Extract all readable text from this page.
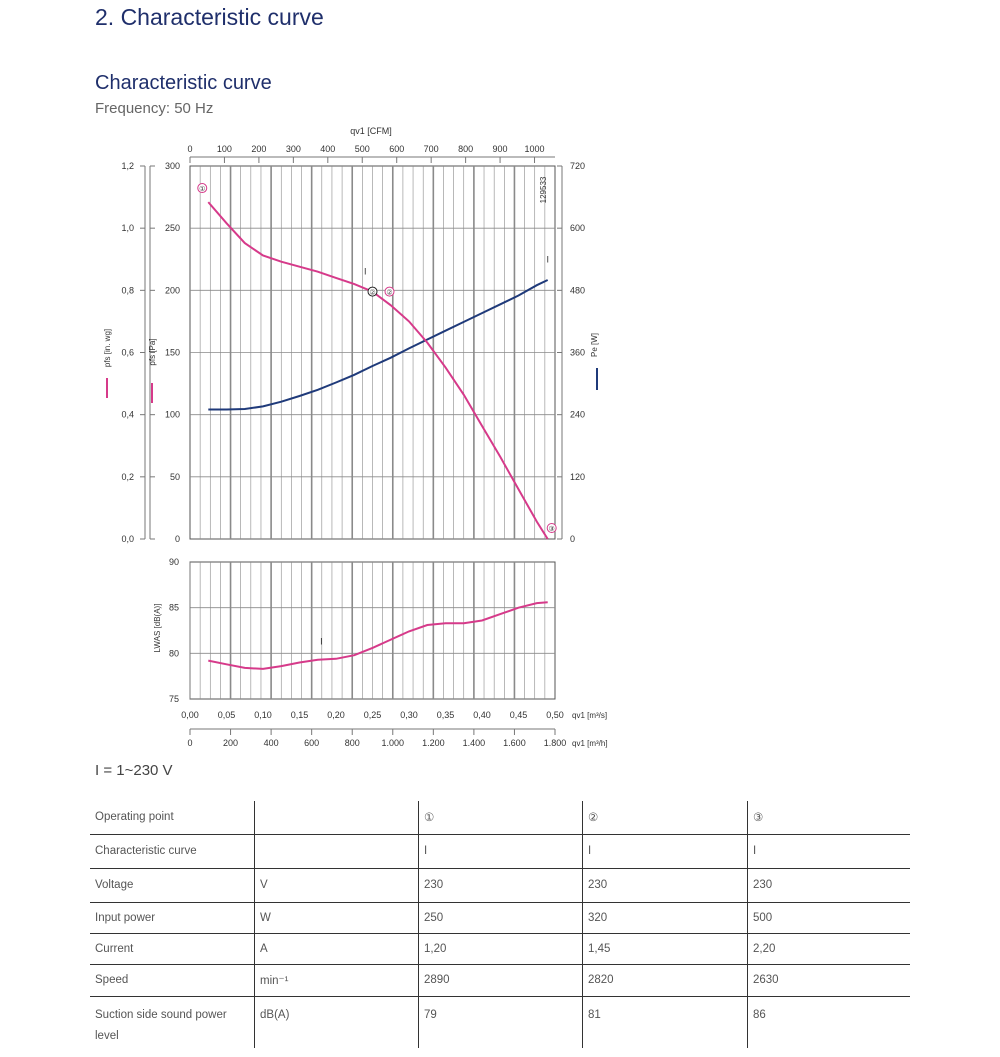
2. Characteristic curve
Characteristic curve
Frequency: 50 Hz
0	100 200 300 400 500 600 700 800 900 1000
qv1 [CFM]
0
50
100
150
200
250
300
0,0
0,2
0,4
0,6
0,8
1,0
1,2
0
120
240
360
480
600
720
pfs [in. wg]	pfs [Pa]	Pe [W]
129533
①
②
③
②
I
I
75
80
85
90
LWAS [dB(A)]	I
0,00 0,05 0,10 0,15 0,20 0,25 0,30 0,35 0,40 0,45 0,50 qv1 [m³/s]
0	200	400	600	800 1.000 1.200 1.400 1.600 1.800 qv1 [m³/h]
I = 1~230 V
Operating point		①	②	③
Characteristic curve		I	I	I
Voltage	V	230	230	230
Input power	W	250	320	500
Current	A	1,20	1,45	2,20
Speed	min⁻¹	2890	2820	2630
Suction side sound power level	dB(A)	79	81	86
